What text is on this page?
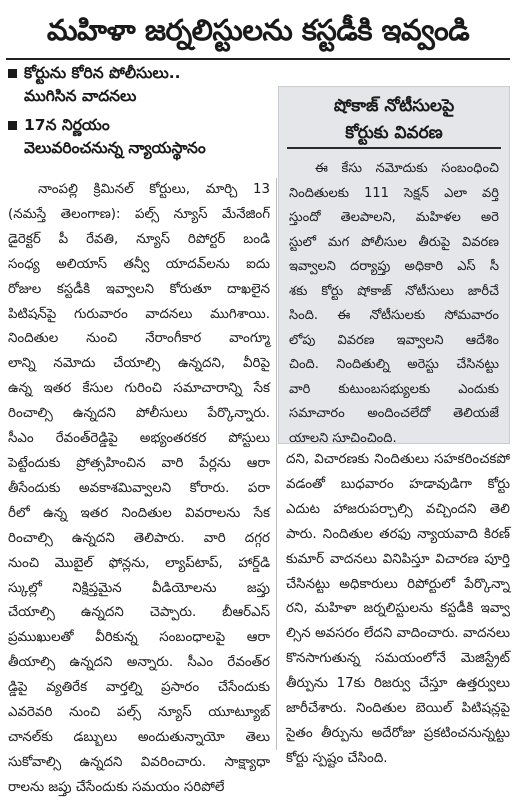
మహిళా జర్నలిస్టులను కస్టడీకి ఇవ్వండి
కోర్టును కోరిన పోలీసులు..
ముగిసిన వాదనలు
17న నిర్ణయం
వెలువరించనున్న న్యాయస్థానం
షోకాజ్ నోటీసులపై
కోర్టుకు వివరణ
ఈ కేసు నమోదుకు సంబంధించి
నిందితులకు 111 సెక్షన్ ఎలా వర్తి
స్తుందో తెలపాలని, మహిళల అరె
స్టులో మగ పోలీసుల తీరుపై వివరణ
ఇవ్వాలని దర్యాప్తు అధికారి ఎస్ సీ
శకు కోర్టు షోకాజ్ నోటీసులు జారీచే
సింది. ఈ నోటీసులకు సోమవారం
లోపు వివరణ ఇవ్వాలని ఆదేశిం
చింది. నిందితుల్ని అరెస్టు చేసినట్టు
వారి కుటుంబసభ్యులకు ఎందుకు
సమాచారం అందించలేదో తెలియజే
యాలని సూచించింది.
నాంపల్లి క్రిమినల్ కోర్టులు, మార్చి 13
(నమస్తే తెలంగాణ): పల్స్ న్యూస్ మేనేజింగ్
డైరెక్టర్ పీ రేవతి, న్యూస్ రిపోర్టర్ బండి
సంధ్య అలియాస్ తన్వీ యాదవ్‌లను ఐదు
రోజుల కస్టడీకి ఇవ్వాలని కోరుతూ దాఖలైన
పిటిషన్‌పై గురువారం వాదనలు ముగిశాయి.
నిందితుల నుంచి నేరాంగీకార వాంగ్మూ
లాన్ని నమోదు చేయాల్సి ఉన్నదని, వీరిపై
ఉన్న ఇతర కేసుల గురించి సమాచారాన్ని సేక
రించాల్సి ఉన్నదని పోలీసులు పేర్కొన్నారు.
సీఎం రేవంత్‌రెడ్డిపై అభ్యంతరకర పోస్టులు
పెట్టేందుకు ప్రోత్సహించిన వారి పేర్లను ఆరా
తీసేందుకు అవకాశమివ్వాలని కోరారు. పరా
రీలో ఉన్న ఇతర నిందితుల వివరాలను సేక
రించాల్సి ఉన్నదని తెలిపారు. వారి దగ్గర
నుంచి మొబైల్ ఫోన్లను, ల్యాప్‌టాప్, హార్డ్‌డి
స్కుల్లో నిక్షిప్తమైన వీడియోలను జప్తు
చేయాల్సి ఉన్నదని చెప్పారు. బీఆర్‌ఎస్
ప్రముఖులతో వీరికున్న సంబంధాలపై ఆరా
తీయాల్సి ఉన్నదని అన్నారు. సీఎం రేవంత్‌ర
డ్డిపై వ్యతిరేక వార్తల్ని ప్రసారం చేసేందుకు
ఎవరెవరి నుంచి పల్స్ న్యూస్ యూట్యూబ్
చానల్‌కు డబ్బులు అందుతున్నాయో తెలు
సుకోవాల్సి ఉన్నదని వివరించారు. సాక్ష్యాధా
రాలను జప్తు చేసేందుకు సమయం సరిపోలే
దని, విచారణకు నిందితులు సహకరించకపో
వడంతో బుధవారం హడావుడిగా కోర్టు
ఎదుట హాజరుపర్చాల్సి వచ్చిందని తెలి
పారు. నిందితుల తరఫు న్యాయవాది కిరణ్
కుమార్ వాదనలు వినిపిస్తూ విచారణ పూర్తి
చేసినట్టు అధికారులు రిపోర్టులో పేర్కొన్నా
రని, మహిళా జర్నలిస్టులను కస్టడీకి ఇవ్వా
ల్సిన అవసరం లేదని వాదించారు. వాదనలు
కొనసాగుతున్న సమయంలోనే మెజిస్ట్రేట్
తీర్పును 17కు రిజర్వు చేస్తూ ఉత్తర్వులు
జారీచేశారు. నిందితుల బెయిల్ పిటిషన్లపై
సైతం తీర్పును అదేరోజు ప్రకటించనున్నట్టు
కోర్టు స్పష్టం చేసింది.
